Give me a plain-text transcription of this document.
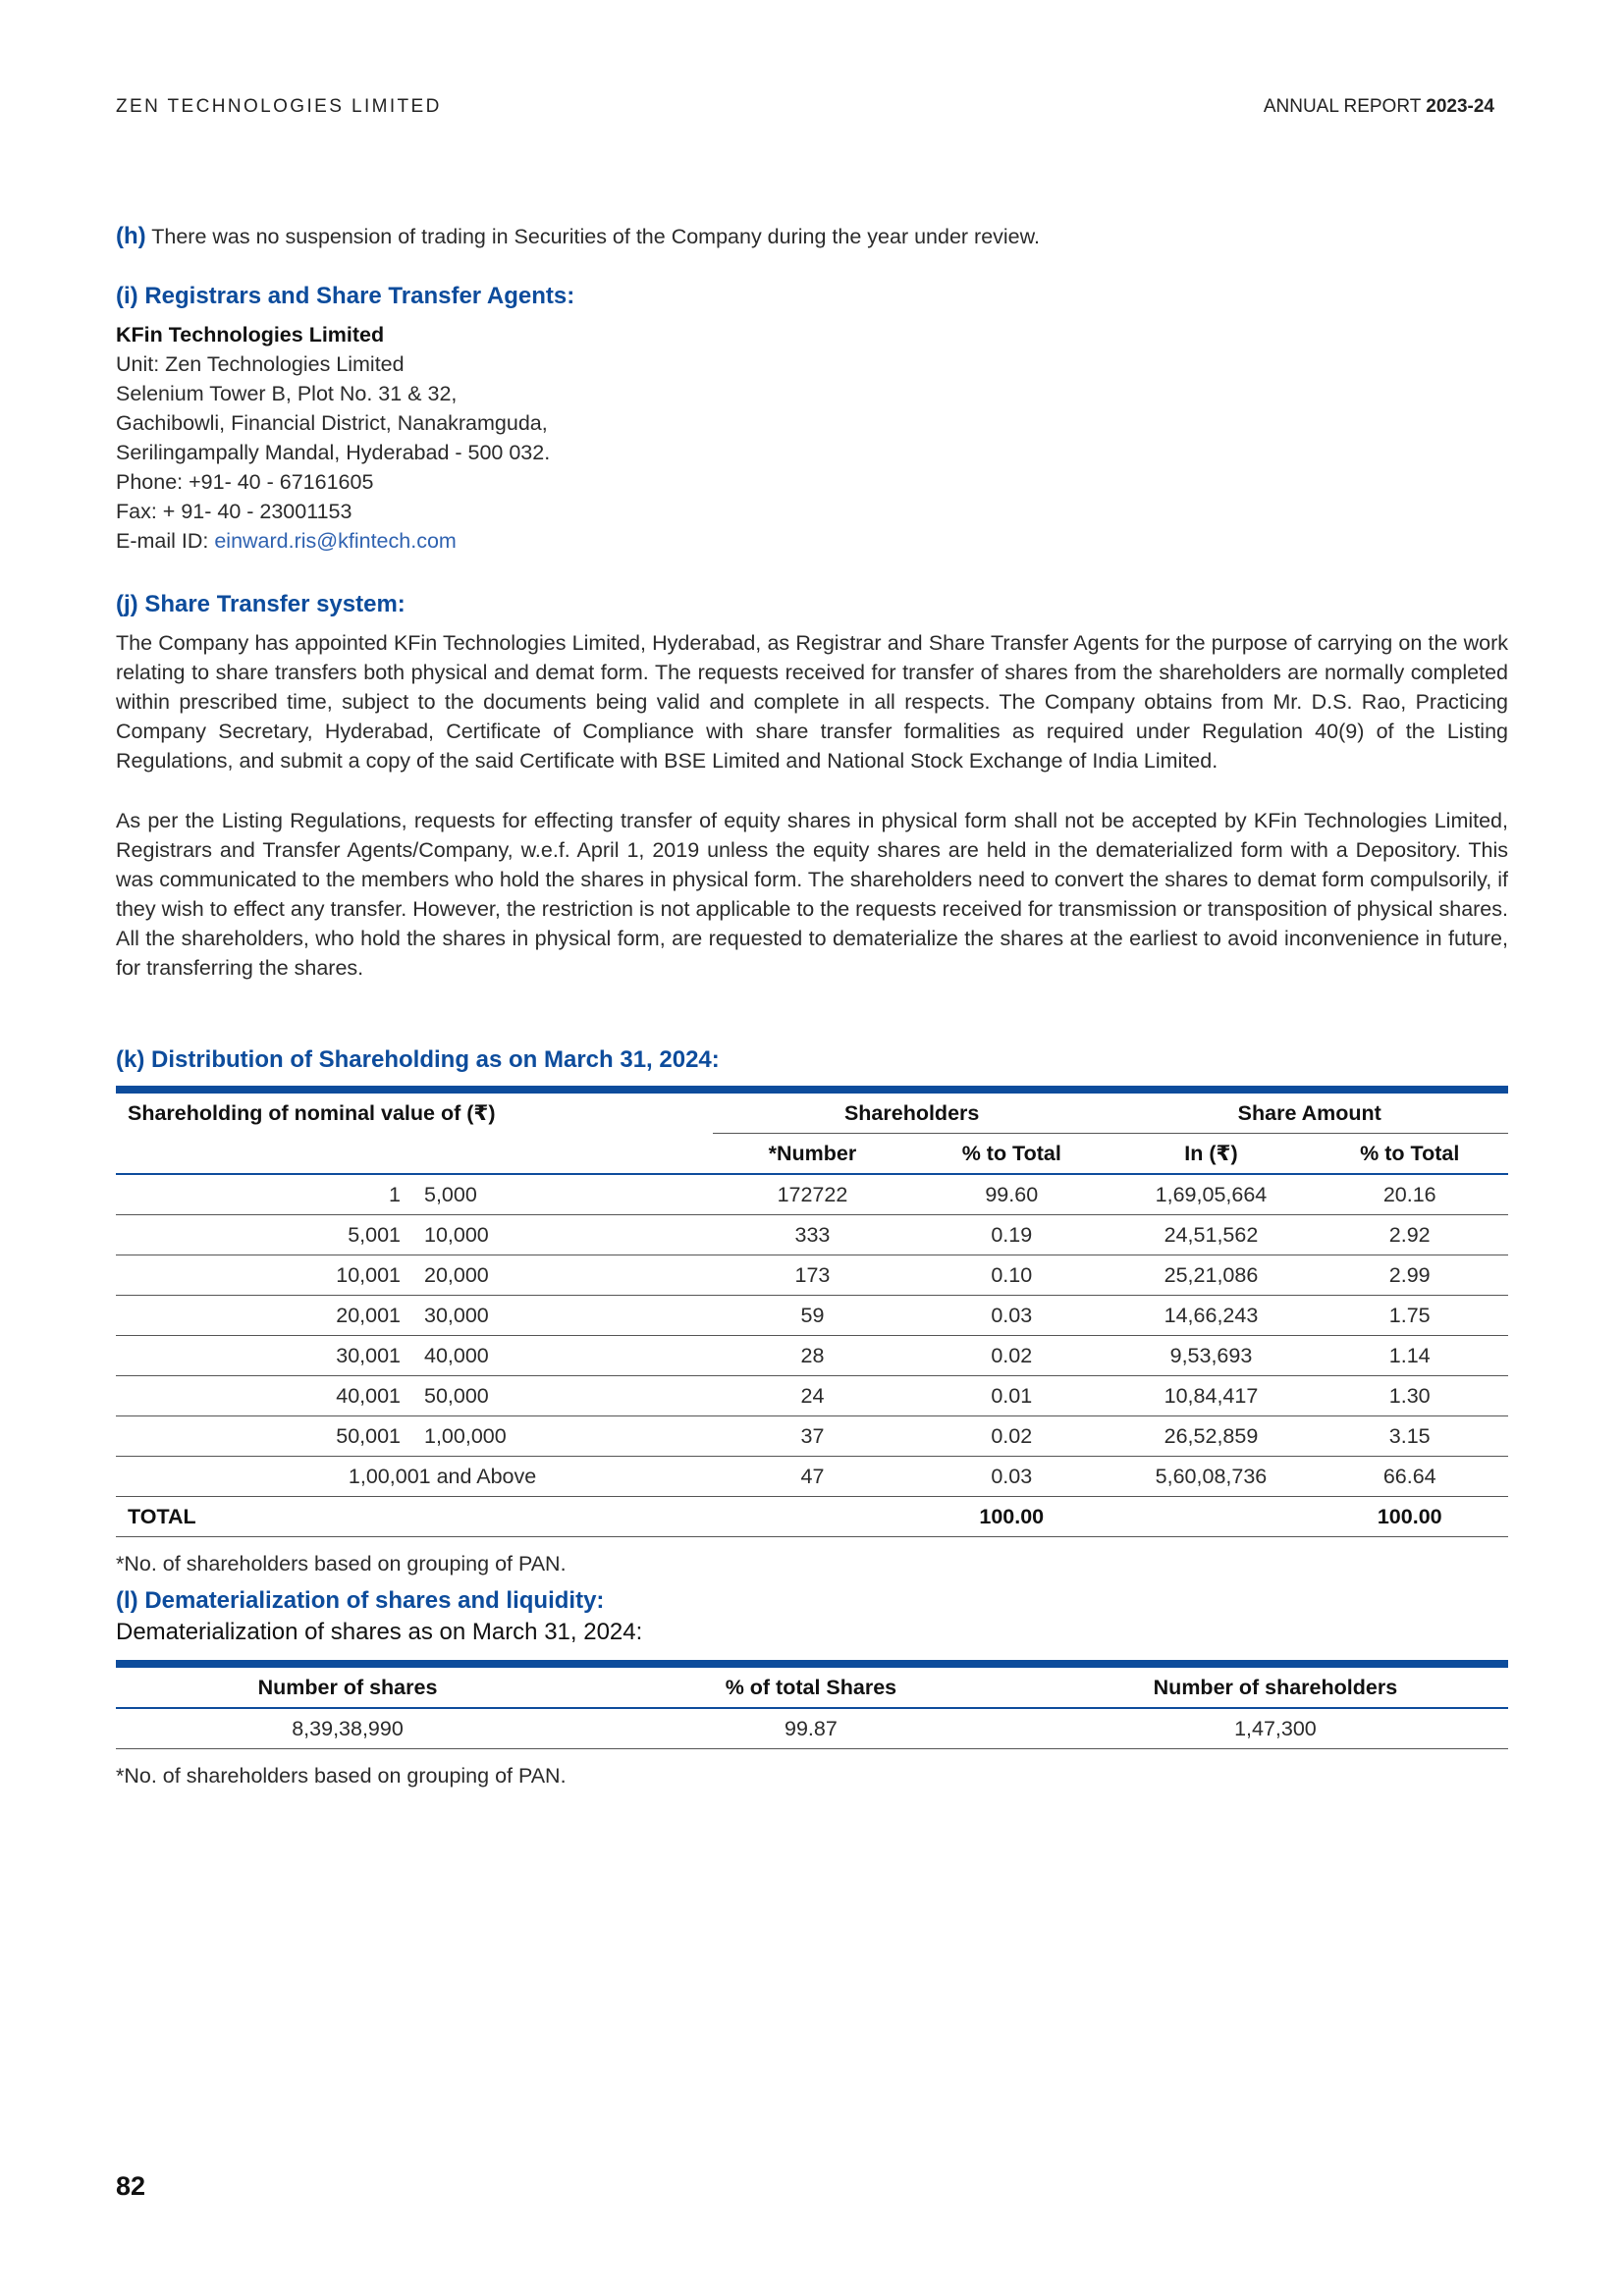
ZEN TECHNOLOGIES LIMITED	ANNUAL REPORT 2023-24
(h) There was no suspension of trading in Securities of the Company during the year under review.
(i) Registrars and Share Transfer Agents:
KFin Technologies Limited
Unit: Zen Technologies Limited
Selenium Tower B, Plot No. 31 & 32,
Gachibowli, Financial District, Nanakramguda,
Serilingampally Mandal, Hyderabad - 500 032.
Phone: +91- 40 - 67161605
Fax: + 91- 40 - 23001153
E-mail ID: einward.ris@kfintech.com
(j) Share Transfer system:
The Company has appointed KFin Technologies Limited, Hyderabad, as Registrar and Share Transfer Agents for the purpose of carrying on the work relating to share transfers both physical and demat form. The requests received for transfer of shares from the shareholders are normally completed within prescribed time, subject to the documents being valid and complete in all respects. The Company obtains from Mr. D.S. Rao, Practicing Company Secretary, Hyderabad, Certificate of Compliance with share transfer formalities as required under Regulation 40(9) of the Listing Regulations, and submit a copy of the said Certificate with BSE Limited and National Stock Exchange of India Limited.
As per the Listing Regulations, requests for effecting transfer of equity shares in physical form shall not be accepted by KFin Technologies Limited, Registrars and Transfer Agents/Company, w.e.f. April 1, 2019 unless the equity shares are held in the dematerialized form with a Depository. This was communicated to the members who hold the shares in physical form. The shareholders need to convert the shares to demat form compulsorily, if they wish to effect any transfer. However, the restriction is not applicable to the requests received for transmission or transposition of physical shares. All the shareholders, who hold the shares in physical form, are requested to dematerialize the shares at the earliest to avoid inconvenience in future, for transferring the shares.
(k) Distribution of Shareholding as on March 31, 2024:
Shareholding of nominal value of (₹)	Shareholders		Share Amount	
	*Number	% to Total	In (₹)	% to Total
1 5,000	172722	99.60	1,69,05,664	20.16
5,001 10,000	333	0.19	24,51,562	2.92
10,001 20,000	173	0.10	25,21,086	2.99
20,001 30,000	59	0.03	14,66,243	1.75
30,001 40,000	28	0.02	9,53,693	1.14
40,001 50,000	24	0.01	10,84,417	1.30
50,001 1,00,000	37	0.02	26,52,859	3.15
1,00,001 and Above	47	0.03	5,60,08,736	66.64
TOTAL		100.00		100.00
*No. of shareholders based on grouping of PAN.
(l) Dematerialization of shares and liquidity:
Dematerialization of shares as on March 31, 2024:
Number of shares	% of total Shares	Number of shareholders
8,39,38,990	99.87	1,47,300
*No. of shareholders based on grouping of PAN.
82
